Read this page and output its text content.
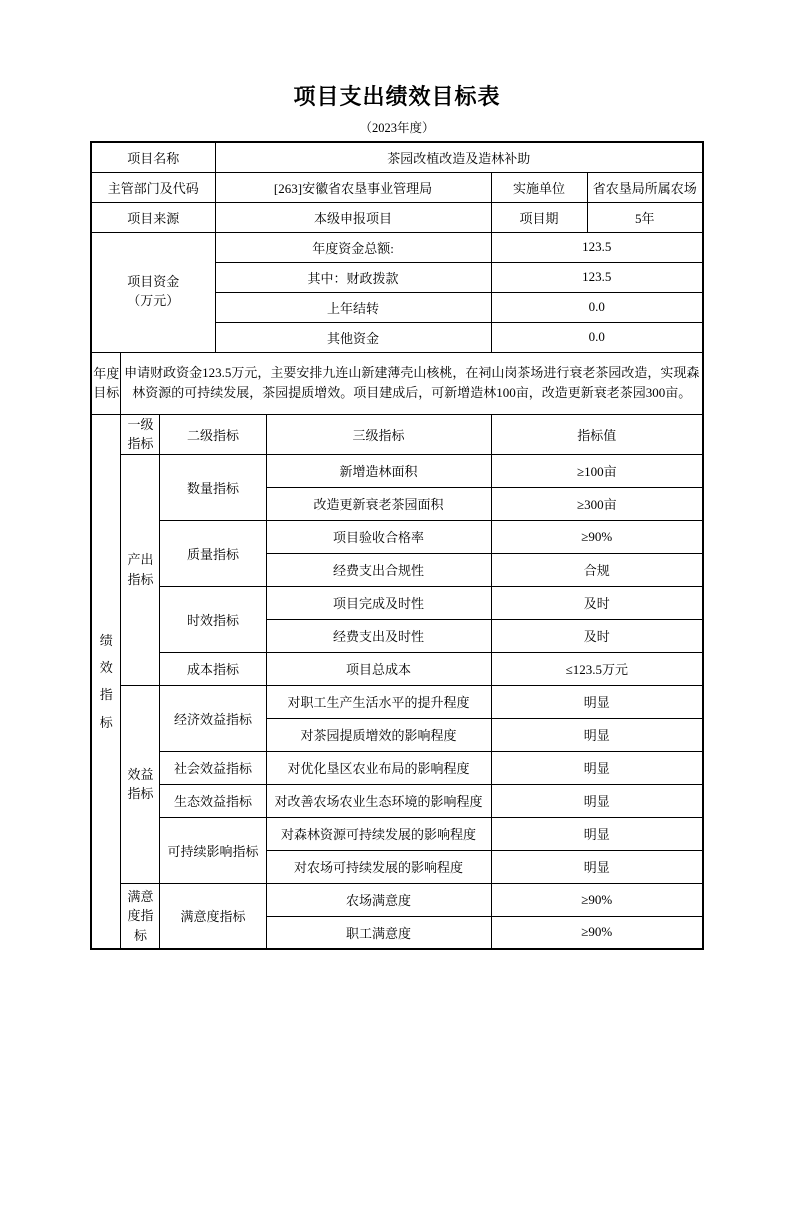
项目支出绩效目标表
（2023年度）
项目名称			茶园改植改造及造林补助			
主管部门及代码			[263]安徽省农垦事业管理局		实施单位	省农垦局所属农场
项目来源			本级申报项目		项目期	5年

项目资金
（万元）			年度资金总额:		123.5	
			其中：财政拨款		123.5	
			上年结转		0.0	
			其他资金		0.0	

年度目标	申请财政资金123.5万元，主要安排九连山新建薄壳山核桃，在祠山岗茶场进行衰老茶园改造，实现森林资源的可持续发展，茶园提质增效。项目建成后，可新增造林100亩，改造更新衰老茶园300亩。					

绩效指标	一级指标	二级指标		三级指标	指标值	

	产出指标	数量指标		新增造林面积	≥100亩	
				改造更新衰老茶园面积	≥300亩	
		质量指标		项目验收合格率	≥90%	
				经费支出合规性	合规	
		时效指标		项目完成及时性	及时	
				经费支出及时性	及时	
		成本指标		项目总成本	≤123.5万元	

	效益指标	经济效益指标		对职工生产生活水平的提升程度	明显	
				对茶园提质增效的影响程度	明显	
		社会效益指标		对优化垦区农业布局的影响程度	明显	
		生态效益指标		对改善农场农业生态环境的影响程度	明显	
		可持续影响指标		对森林资源可持续发展的影响程度	明显	
				对农场可持续发展的影响程度	明显	

	满意度指标	满意度指标		农场满意度	≥90%	
				职工满意度	≥90%	
